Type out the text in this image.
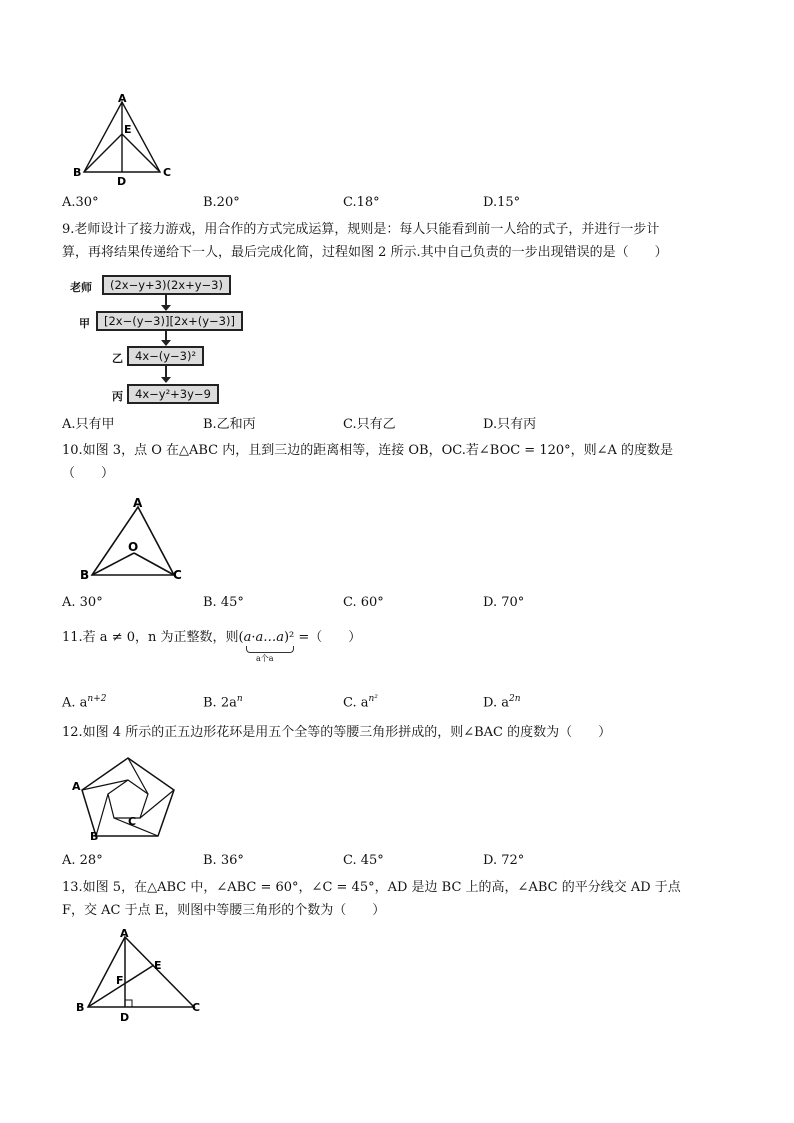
A
E
B
D
C
A.30°	B.20°	C.18°	D.15°
9.老师设计了接力游戏，用合作的方式完成运算，规则是：每人只能看到前一人给的式子，并进行一步计
算，再将结果传递给下一人，最后完成化简，过程如图 2 所示.其中自己负责的一步出现错误的是（　　）
老师	(2x−y+3)(2x+y−3)
甲	[2x−(y−3)][2x+(y−3)]
乙	4x−(y−3)²
丙	4x−y²+3y−9
A.只有甲	B.乙和丙	C.只有乙	D.只有丙
10.如图 3，点 O 在△ABC 内，且到三边的距离相等，连接 OB，OC.若∠BOC = 120°，则∠A 的度数是
（　　）
A
O
B	C
A. 30°	B. 45°	C. 60°	D. 70°
11.若 a ≠ 0，n 为正整数，则(a·a…a)² =（　　）
a个a
A. $a^{n+2}$	B. $2a^n$	C. $a^{n^2}$	D. $a^{2n}$
12.如图 4 所示的正五边形花环是用五个全等的等腰三角形拼成的，则∠BAC 的度数为（　　）
A
B
C
A. 28°	B. 36°	C. 45°	D. 72°
13.如图 5，在△ABC 中，∠ABC = 60°，∠C = 45°，AD 是边 BC 上的高，∠ABC 的平分线交 AD 于点
F，交 AC 于点 E，则图中等腰三角形的个数为（　　）
A
E
F
B
D
C
